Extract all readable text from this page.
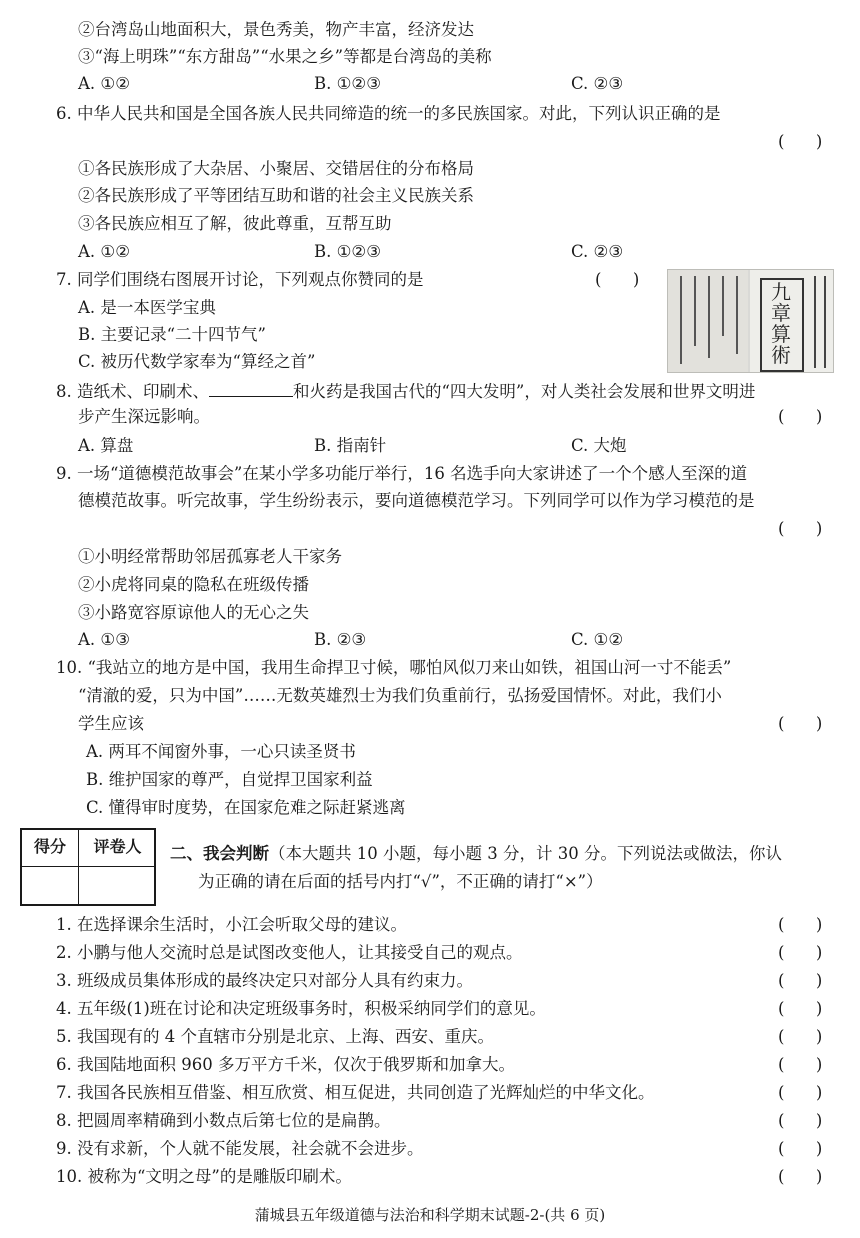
②台湾岛山地面积大，景色秀美，物产丰富，经济发达
③“海上明珠”“东方甜岛”“水果之乡”等都是台湾岛的美称
A. ①②	B. ①②③	C. ②③
6. 中华人民共和国是全国各族人民共同缔造的统一的多民族国家。对此，下列认识正确的是
(      )
①各民族形成了大杂居、小聚居、交错居住的分布格局
②各民族形成了平等团结互助和谐的社会主义民族关系
③各民族应相互了解，彼此尊重，互帮互助
A. ①②	B. ①②③	C. ②③
7. 同学们围绕右图展开讨论，下列观点你赞同的是	(      )
A. 是一本医学宝典
B. 主要记录“二十四节气”
C. 被历代数学家奉为“算经之首”
九章算術
8. 造纸术、印刷术、	和火药是我国古代的“四大发明”，对人类社会发展和世界文明进
步产生深远影响。	(      )
A. 算盘	B. 指南针	C. 大炮
9. 一场“道德模范故事会”在某小学多功能厅举行，16 名选手向大家讲述了一个个感人至深的道
德模范故事。听完故事，学生纷纷表示，要向道德模范学习。下列同学可以作为学习模范的是
(      )
①小明经常帮助邻居孤寡老人干家务
②小虎将同桌的隐私在班级传播
③小路宽容原谅他人的无心之失
A. ①③	B. ②③	C. ①②
10. “我站立的地方是中国，我用生命捍卫寸候，哪怕风似刀来山如铁，祖国山河一寸不能丢”
“清澈的爱，只为中国”……无数英雄烈士为我们负重前行，弘扬爱国情怀。对此，我们小
学生应该	(      )
A. 两耳不闻窗外事，一心只读圣贤书
B. 维护国家的尊严，自觉捍卫国家利益
C. 懂得审时度势，在国家危难之际赶紧逃离
得分	评卷人	二、我会判断（本大题共 10 小题，每小题 3 分，计 30 分。下列说法或做法，你认
为正确的请在后面的括号内打“√”，不正确的请打“×”）
1. 在选择课余生活时，小江会听取父母的建议。	(      )
2. 小鹏与他人交流时总是试图改变他人，让其接受自己的观点。	(      )
3. 班级成员集体形成的最终决定只对部分人具有约束力。	(      )
4. 五年级(1)班在讨论和决定班级事务时，积极采纳同学们的意见。	(      )
5. 我国现有的 4 个直辖市分别是北京、上海、西安、重庆。	(      )
6. 我国陆地面积 960 多万平方千米，仅次于俄罗斯和加拿大。	(      )
7. 我国各民族相互借鉴、相互欣赏、相互促进，共同创造了光辉灿烂的中华文化。	(      )
8. 把圆周率精确到小数点后第七位的是扁鹊。	(      )
9. 没有求新，个人就不能发展，社会就不会进步。	(      )
10. 被称为“文明之母”的是雕版印刷术。	(      )
蒲城县五年级道德与法治和科学期末试题-2-(共 6 页)
